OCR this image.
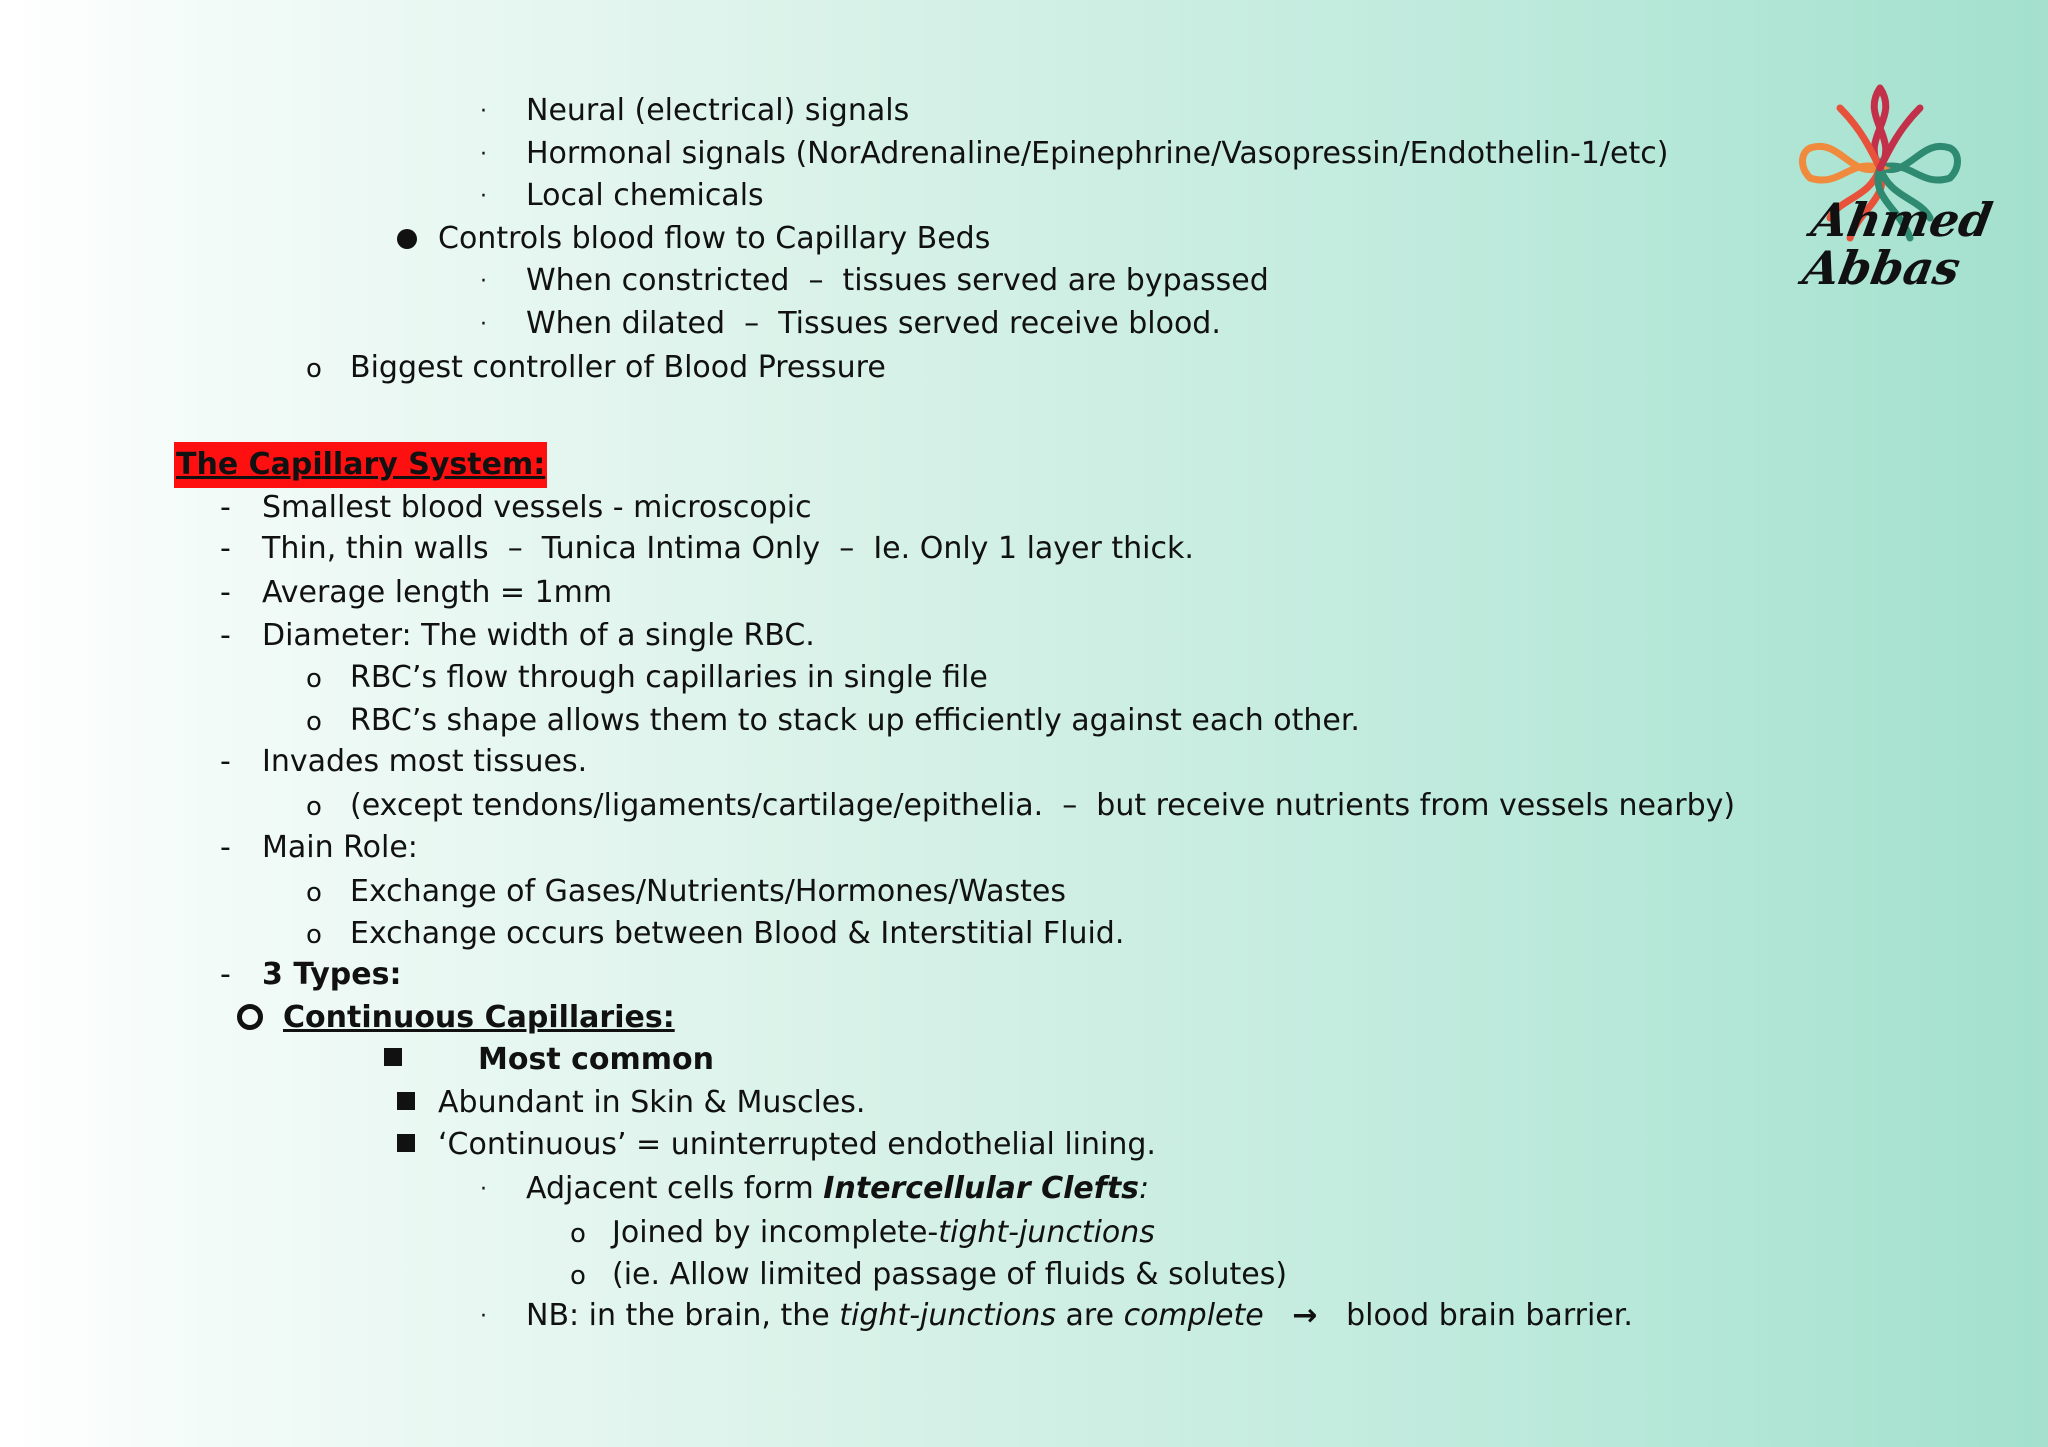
Ahmed
Abbas
· Neural (electrical) signals
· Hormonal signals (NorAdrenaline/Epinephrine/Vasopressin/Endothelin-1/etc)
· Local chemicals
Controls blood flow to Capillary Beds
· When constricted – tissues served are bypassed
· When dilated – Tissues served receive blood.
o Biggest controller of Blood Pressure
The Capillary System:
- Smallest blood vessels - microscopic
- Thin, thin walls – Tunica Intima Only – Ie. Only 1 layer thick.
- Average length = 1mm
- Diameter: The width of a single RBC.
o RBC’s flow through capillaries in single file
o RBC’s shape allows them to stack up efficiently against each other.
- Invades most tissues.
o (except tendons/ligaments/cartilage/epithelia. – but receive nutrients from vessels nearby)
- Main Role:
o Exchange of Gases/Nutrients/Hormones/Wastes
o Exchange occurs between Blood & Interstitial Fluid.
- 3 Types:
Continuous Capillaries:
Most common
Abundant in Skin & Muscles.
‘Continuous’ = uninterrupted endothelial lining.
· Adjacent cells form Intercellular Clefts:
o Joined by incomplete-tight-junctions
o (ie. Allow limited passage of fluids & solutes)
· NB: in the brain, the tight-junctions are complete → blood brain barrier.
